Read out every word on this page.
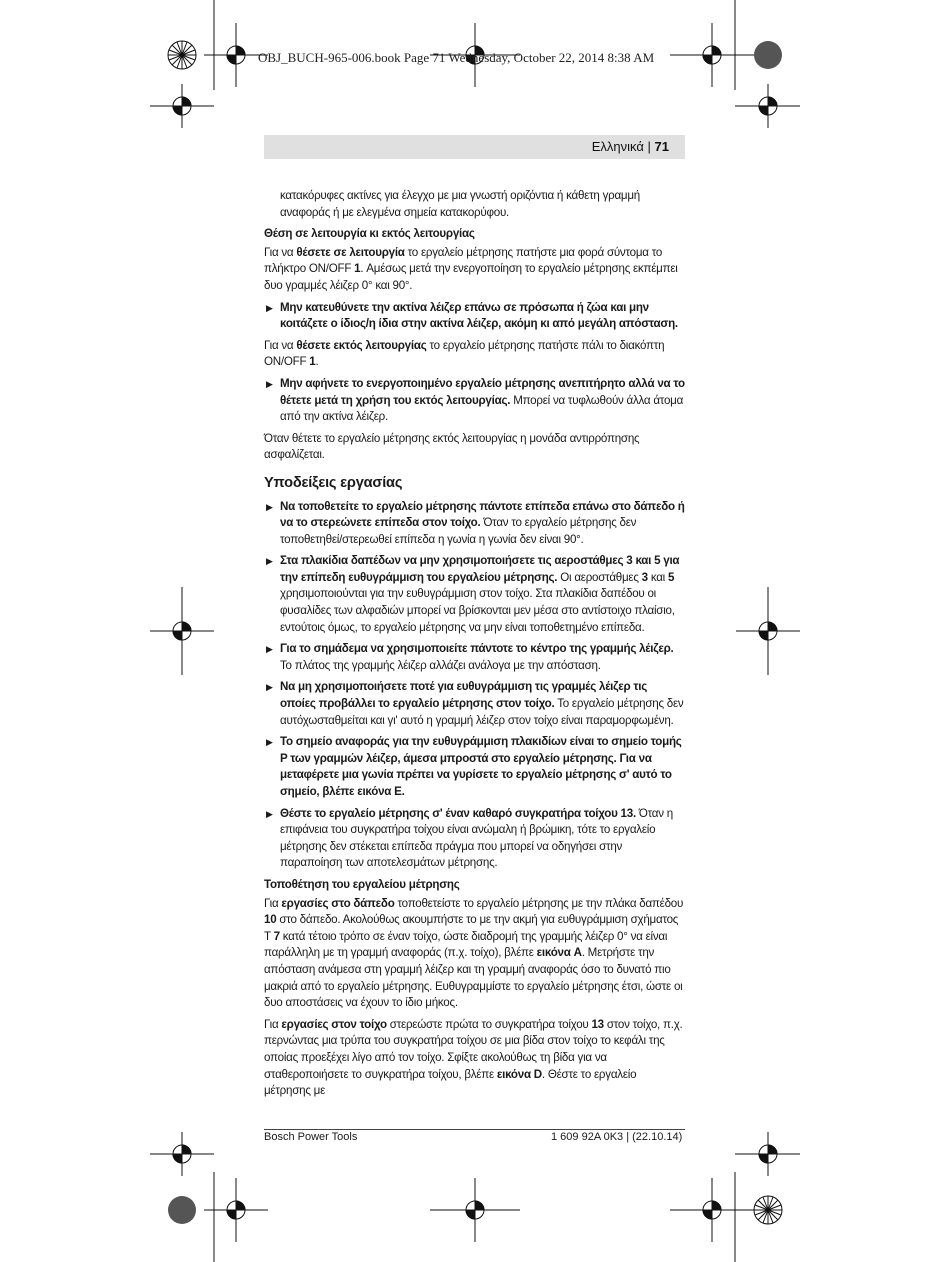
OBJ_BUCH-965-006.book Page 71 Wednesday, October 22, 2014 8:38 AM
Ελληνικά | 71

κατακόρυφες ακτίνες για έλεγχο με μια γνωστή οριζόντια ή κάθετη γραμμή αναφοράς ή με ελεγμένα σημεία κατακορύφου.

Θέση σε λειτουργία κι εκτός λειτουργίας

Για να θέσετε σε λειτουργία το εργαλείο μέτρησης πατήστε μια φορά σύντομα το πλήκτρο ON/OFF 1. Αμέσως μετά την ενεργοποίηση το εργαλείο μέτρησης εκπέμπει δυο γραμμές λέιζερ 0° και 90°.

▶ Μην κατευθύνετε την ακτίνα λέιζερ επάνω σε πρόσωπα ή ζώα και μην κοιτάζετε ο ίδιος/η ίδια στην ακτίνα λέιζερ, ακόμη κι από μεγάλη απόσταση.

Για να θέσετε εκτός λειτουργίας το εργαλείο μέτρησης πατήστε πάλι το διακόπτη ON/OFF 1.

▶ Μην αφήνετε το ενεργοποιημένο εργαλείο μέτρησης ανεπιτήρητο αλλά να το θέτετε μετά τη χρήση του εκτός λειτουργίας. Μπορεί να τυφλωθούν άλλα άτομα από την ακτίνα λέιζερ.

Όταν θέτετε το εργαλείο μέτρησης εκτός λειτουργίας η μονάδα αντιρρόπησης ασφαλίζεται.

Υποδείξεις εργασίας
▶ Να τοποθετείτε το εργαλείο μέτρησης πάντοτε επίπεδα επάνω στο δάπεδο ή να το στερεώνετε επίπεδα στον τοίχο. Όταν το εργαλείο μέτρησης δεν τοποθετηθεί/στερεωθεί επίπεδα η γωνία η γωνία δεν είναι 90°.
▶ Στα πλακίδια δαπέδων να μην χρησιμοποιήσετε τις αεροστάθμες 3 και 5 για την επίπεδη ευθυγράμμιση του εργαλείου μέτρησης. Οι αεροστάθμες 3 και 5 χρησιμοποιούνται για την ευθυγράμμιση στον τοίχο. Στα πλακίδια δαπέδου οι φυσαλίδες των αλφαδιών μπορεί να βρίσκονται μεν μέσα στο αντίστοιχο πλαίσιο, εντούτοις όμως, το εργαλείο μέτρησης να μην είναι τοποθετημένο επίπεδα.
▶ Για το σημάδεμα να χρησιμοποιείτε πάντοτε το κέντρο της γραμμής λέιζερ. Το πλάτος της γραμμής λέιζερ αλλάζει ανάλογα με την απόσταση.
▶ Να μη χρησιμοποιήσετε ποτέ για ευθυγράμμιση τις γραμμές λέιζερ τις οποίες προβάλλει το εργαλείο μέτρησης στον τοίχο. Το εργαλείο μέτρησης δεν αυτόχωσταθμείται και γι' αυτό η γραμμή λέιζερ στον τοίχο είναι παραμορφωμένη.
▶ Το σημείο αναφοράς για την ευθυγράμμιση πλακιδίων είναι το σημείο τομής P των γραμμών λέιζερ, άμεσα μπροστά στο εργαλείο μέτρησης. Για να μεταφέρετε μια γωνία πρέπει να γυρίσετε το εργαλείο μέτρησης σ' αυτό το σημείο, βλέπε εικόνα E.
▶ Θέστε το εργαλείο μέτρησης σ' έναν καθαρό συγκρατήρα τοίχου 13. Όταν η επιφάνεια του συγκρατήρα τοίχου είναι ανώμαλη ή βρώμικη, τότε το εργαλείο μέτρησης δεν στέκεται επίπεδα πράγμα που μπορεί να οδηγήσει στην παραποίηση των αποτελεσμάτων μέτρησης.
Τοποθέτηση του εργαλείου μέτρησης

Για εργασίες στο δάπεδο τοποθετείστε το εργαλείο μέτρησης με την πλάκα δαπέδου 10 στο δάπεδο. Ακολούθως ακουμπήστε το με την ακμή για ευθυγράμμιση σχήματος T 7 κατά τέτοιο τρόπο σε έναν τοίχο, ώστε διαδρομή της γραμμής λέιζερ 0° να είναι παράλληλη με τη γραμμή αναφοράς (π.χ. τοίχο), βλέπε εικόνα A. Μετρήστε την απόσταση ανάμεσα στη γραμμή λέιζερ και τη γραμμή αναφοράς όσο το δυνατό πιο μακριά από το εργαλείο μέτρησης. Ευθυγραμμίστε το εργαλείο μέτρησης έτσι, ώστε οι δυο αποστάσεις να έχουν το ίδιο μήκος.

Για εργασίες στον τοίχο στερεώστε πρώτα το συγκρατήρα τοίχου 13 στον τοίχο, π.χ. περνώντας μια τρύπα του συγκρατήρα τοίχου σε μια βίδα στον τοίχο το κεφάλι της οποίας προεξέχει λίγο από τον τοίχο. Σφίξτε ακολούθως τη βίδα για να σταθεροποιήσετε το συγκρατήρα τοίχου, βλέπε εικόνα D. Θέστε το εργαλείο μέτρησης με

Bosch Power Tools	1 609 92A 0K3 | (22.10.14)
